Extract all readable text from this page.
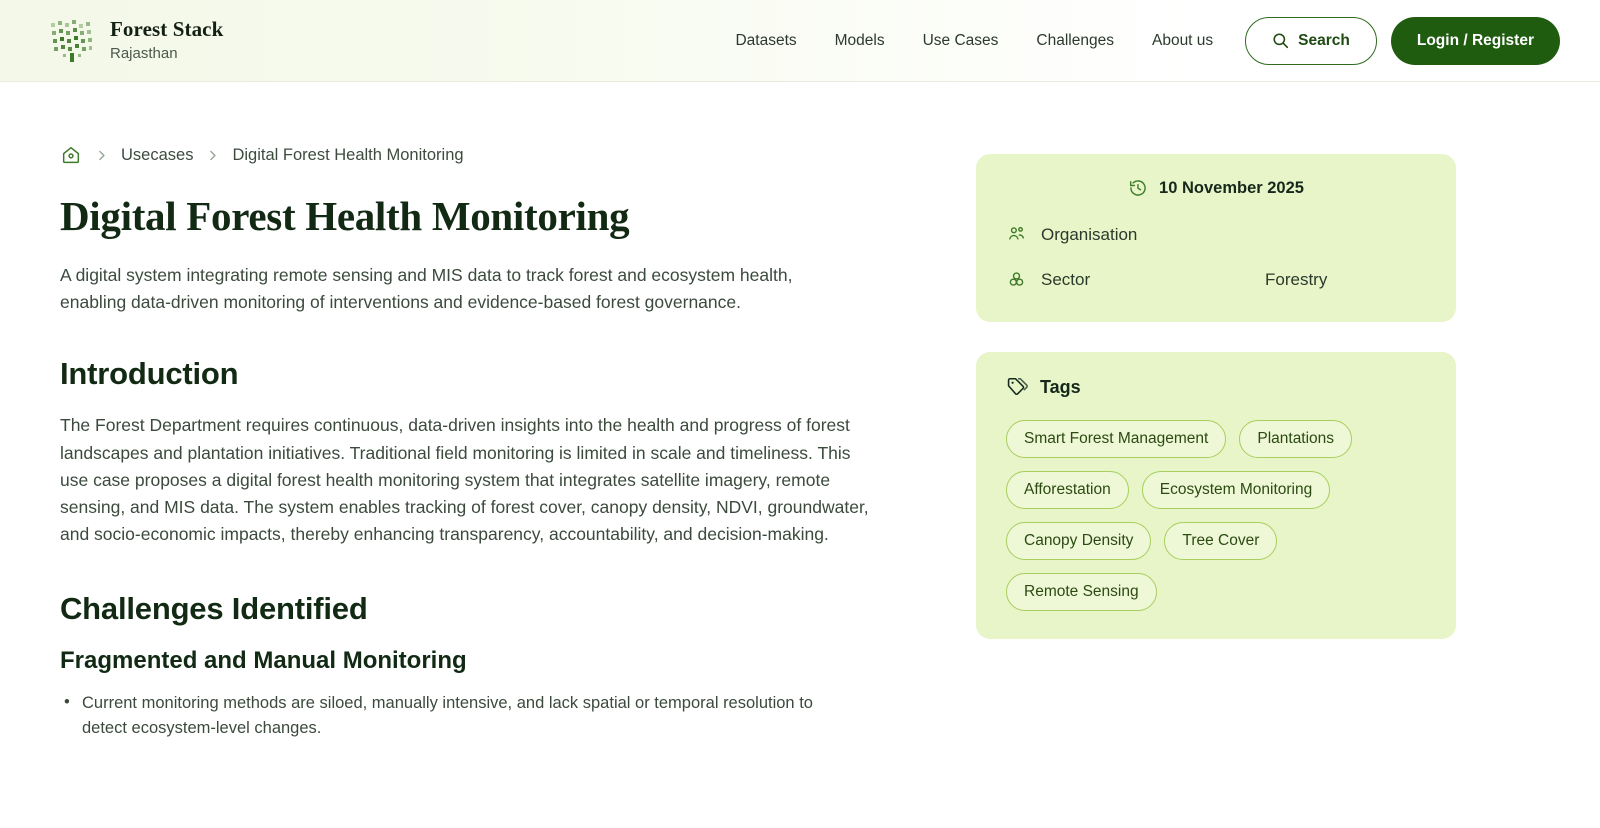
Forest Stack
Rajasthan
Datasets Models Use Cases Challenges About us	Search	Login / Register
Usecases Digital Forest Health Monitoring
Digital Forest Health Monitoring

A digital system integrating remote sensing and MIS data to track forest and ecosystem health, enabling data-driven monitoring of interventions and evidence-based forest governance.

Introduction

The Forest Department requires continuous, data-driven insights into the health and progress of forest landscapes and plantation initiatives. Traditional field monitoring is limited in scale and timeliness. This use case proposes a digital forest health monitoring system that integrates satellite imagery, remote sensing, and MIS data. The system enables tracking of forest cover, canopy density, NDVI, groundwater, and socio-economic impacts, thereby enhancing transparency, accountability, and decision-making.

Challenges Identified
Fragmented and Manual Monitoring
• Current monitoring methods are siloed, manually intensive, and lack spatial or temporal resolution to detect ecosystem-level changes.
10 November 2025
Organisation
Sector	Forestry
Tags
Smart Forest Management	Plantations
Afforestation	Ecosystem Monitoring
Canopy Density	Tree Cover
Remote Sensing
